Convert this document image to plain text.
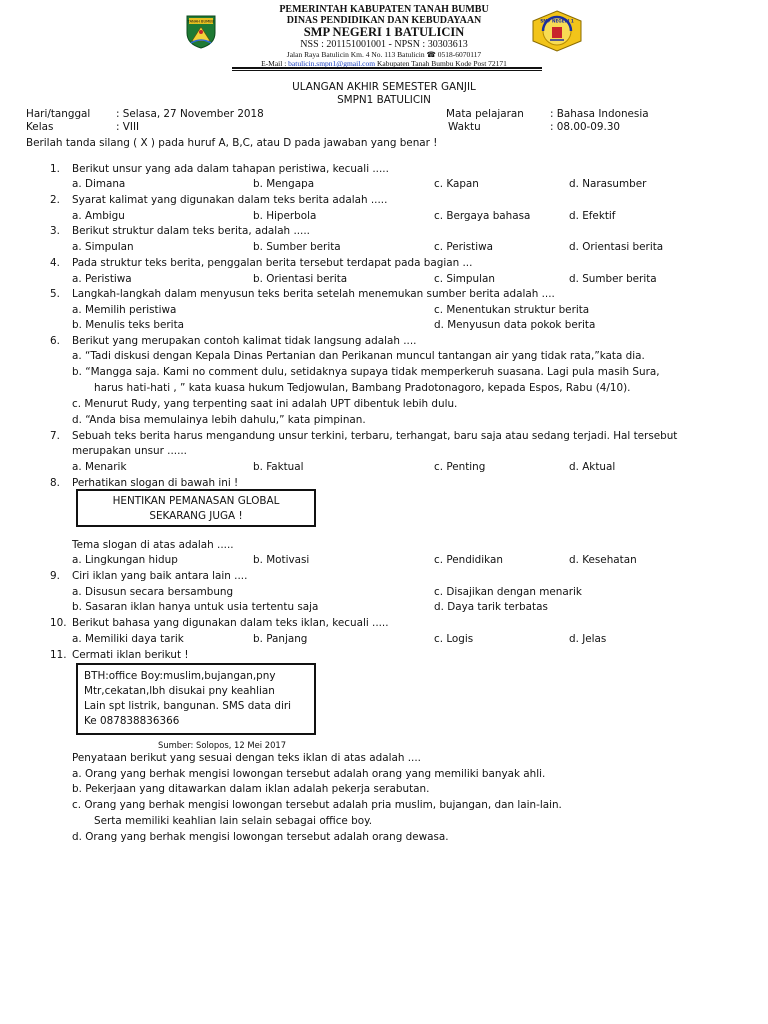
TANAH BUMBU	SMP NEGERI 1
PEMERINTAH KABUPATEN TANAH BUMBU
DINAS PENDIDIKAN DAN KEBUDAYAAN
SMP NEGERI 1 BATULICIN
NSS : 201151001001 - NPSN : 30303613
Jalan Raya Batulicin Km. 4 No. 113 Batulicin ☎ 0518-6070117
E-Mail : batulicin.smpn1@gmail.com Kabupaten Tanah Bumbu Kode Post 72171
ULANGAN AKHIR SEMESTER GANJIL
SMPN1 BATULICIN
Hari/tanggal : Selasa, 27 November 2018	Mata pelajaran	: Bahasa Indonesia
Kelas	: VIII	Waktu	: 08.00-09.30
Berilah tanda silang ( X ) pada huruf A, B,C, atau D pada jawaban yang benar !
1. Berikut unsur yang ada dalam tahapan peristiwa, kecuali .....
a. Dimana	b. Mengapa	c. Kapan	d. Narasumber
2. Syarat kalimat yang digunakan dalam teks berita adalah .....
a. Ambigu	b. Hiperbola	c. Bergaya bahasa	d. Efektif
3. Berikut struktur dalam teks berita, adalah .....
a. Simpulan	b. Sumber berita	c. Peristiwa	d. Orientasi berita
4. Pada struktur teks berita, penggalan berita tersebut terdapat pada bagian ...
a. Peristiwa	b. Orientasi berita	c. Simpulan	d. Sumber berita
5. Langkah-langkah dalam menyusun teks berita setelah menemukan sumber berita adalah ....
a. Memilih peristiwa	c. Menentukan struktur berita
b. Menulis teks berita	d. Menyusun data pokok berita
6. Berikut yang merupakan contoh kalimat tidak langsung adalah ....
a. “Tadi diskusi dengan Kepala Dinas Pertanian dan Perikanan muncul tantangan air yang tidak rata,”kata dia.
b. “Mangga saja. Kami no comment dulu, setidaknya supaya tidak memperkeruh suasana. Lagi pula masih Sura,
harus hati-hati , ” kata kuasa hukum Tedjowulan, Bambang Pradotonagoro, kepada Espos, Rabu (4/10).
c. Menurut Rudy, yang terpenting saat ini adalah UPT dibentuk lebih dulu.
d. “Anda bisa memulainya lebih dahulu,” kata pimpinan.
7. Sebuah teks berita harus mengandung unsur terkini, terbaru, terhangat, baru saja atau sedang terjadi. Hal tersebut
merupakan unsur ......
a. Menarik	b. Faktual	c. Penting	d. Aktual
8. Perhatikan slogan di bawah ini !
HENTIKAN PEMANASAN GLOBAL
SEKARANG JUGA !
Tema slogan di atas adalah .....
a. Lingkungan hidup	b. Motivasi	c. Pendidikan	d. Kesehatan
9. Ciri iklan yang baik antara lain ....
a. Disusun secara bersambung	c. Disajikan dengan menarik
b. Sasaran iklan hanya untuk usia tertentu saja	d. Daya tarik terbatas
10. Berikut bahasa yang digunakan dalam teks iklan, kecuali .....
a. Memiliki daya tarik	b. Panjang	c. Logis	d. Jelas
11. Cermati iklan berikut !
BTH:office Boy:muslim,bujangan,pny
Mtr,cekatan,lbh disukai pny keahlian
Lain spt listrik, bangunan. SMS data diri
Ke 087838836366
Sumber: Solopos, 12 Mei 2017
Penyataan berikut yang sesuai dengan teks iklan di atas adalah ....
a. Orang yang berhak mengisi lowongan tersebut adalah orang yang memiliki banyak ahli.
b. Pekerjaan yang ditawarkan dalam iklan adalah pekerja serabutan.
c. Orang yang berhak mengisi lowongan tersebut adalah pria muslim, bujangan, dan lain-lain.
Serta memiliki keahlian lain selain sebagai office boy.
d. Orang yang berhak mengisi lowongan tersebut adalah orang dewasa.
